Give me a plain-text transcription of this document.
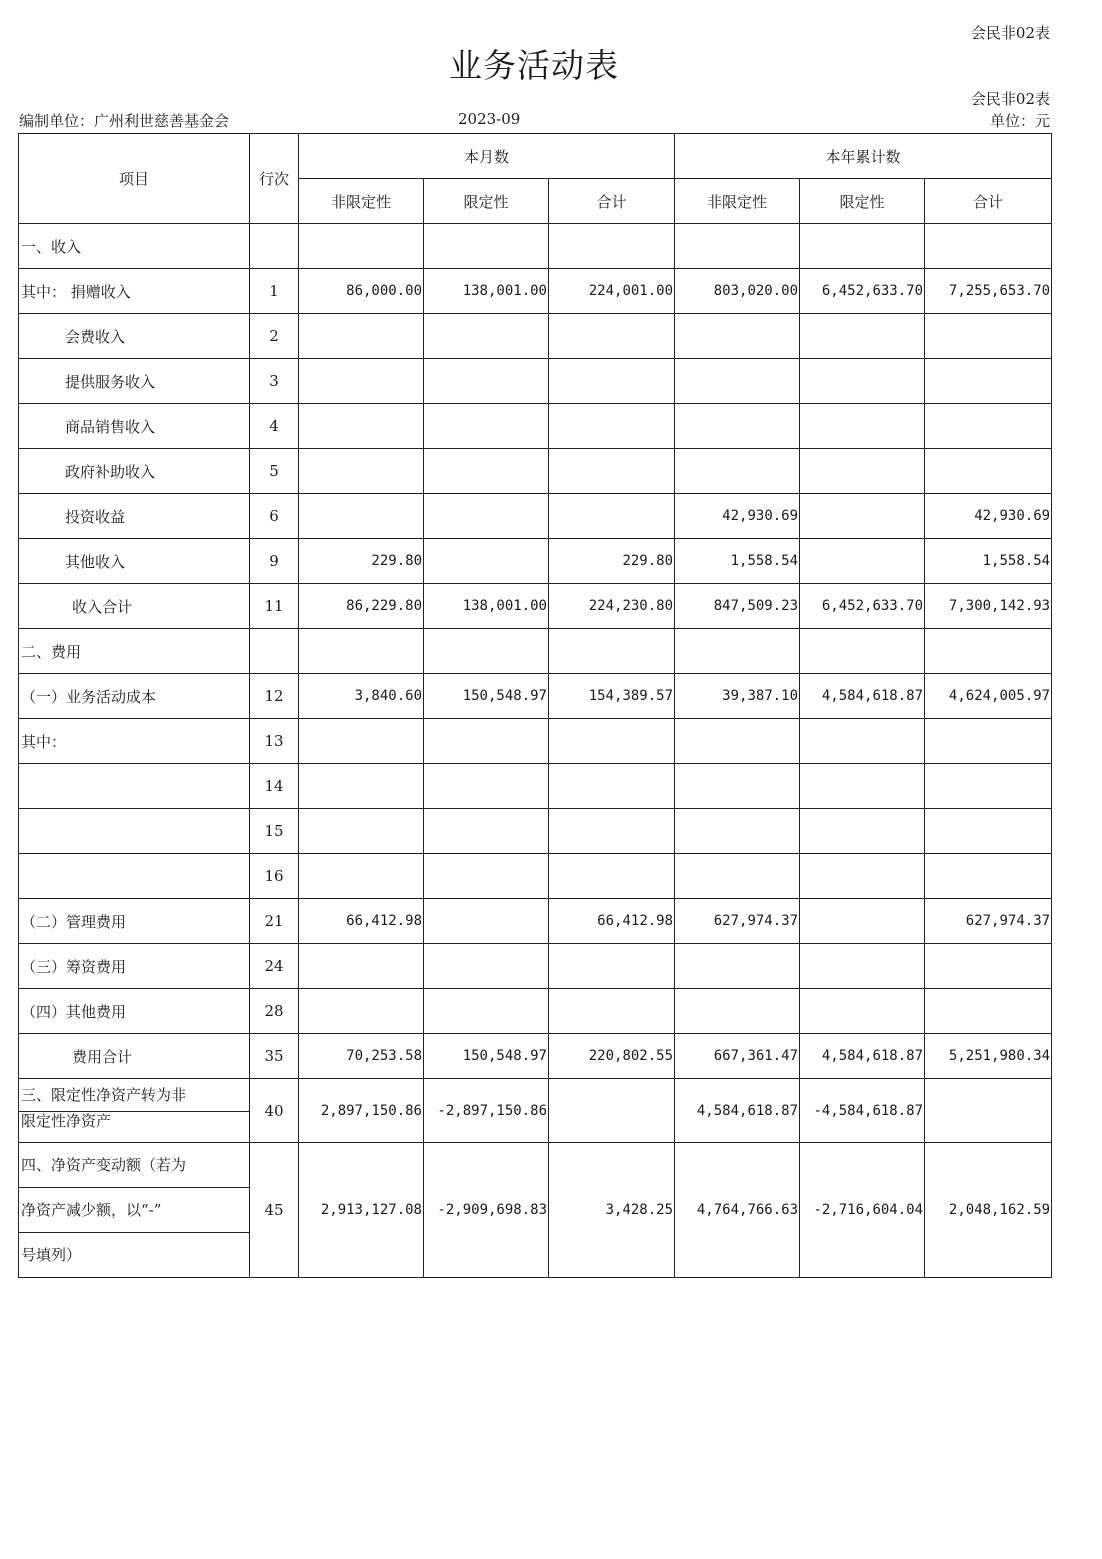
会民非02表
业务活动表
会民非02表
编制单位：广州利世慈善基金会	2023-09	单位：元
项目	行次	本月数			本年累计数		
		非限定性	限定性	合计	非限定性	限定性	合计
一、收入							
其中： 捐赠收入	1	86,000.00	138,001.00	224,001.00	803,020.00	6,452,633.70	7,255,653.70
会费收入	2						
提供服务收入	3						
商品销售收入	4						
政府补助收入	5						
投资收益	6				42,930.69		42,930.69
其他收入	9	229.80		229.80	1,558.54		1,558.54
收入合计	11	86,229.80	138,001.00	224,230.80	847,509.23	6,452,633.70	7,300,142.93
二、费用							
（一）业务活动成本	12	3,840.60	150,548.97	154,389.57	39,387.10	4,584,618.87	4,624,005.97
其中：	13						
	14						
	15						
	16						
（二）管理费用	21	66,412.98		66,412.98	627,974.37		627,974.37
（三）筹资费用	24						
（四）其他费用	28						
费用合计	35	70,253.58	150,548.97	220,802.55	667,361.47	4,584,618.87	5,251,980.34

三、限定性净资产转为非
限定性净资产	40	2,897,150.86	-2,897,150.86		4,584,618.87	-4,584,618.87	

四、净资产变动额（若为
净资产减少额，以“-”
号填列）	45	2,913,127.08	-2,909,698.83	3,428.25	4,764,766.63	-2,716,604.04	2,048,162.59
